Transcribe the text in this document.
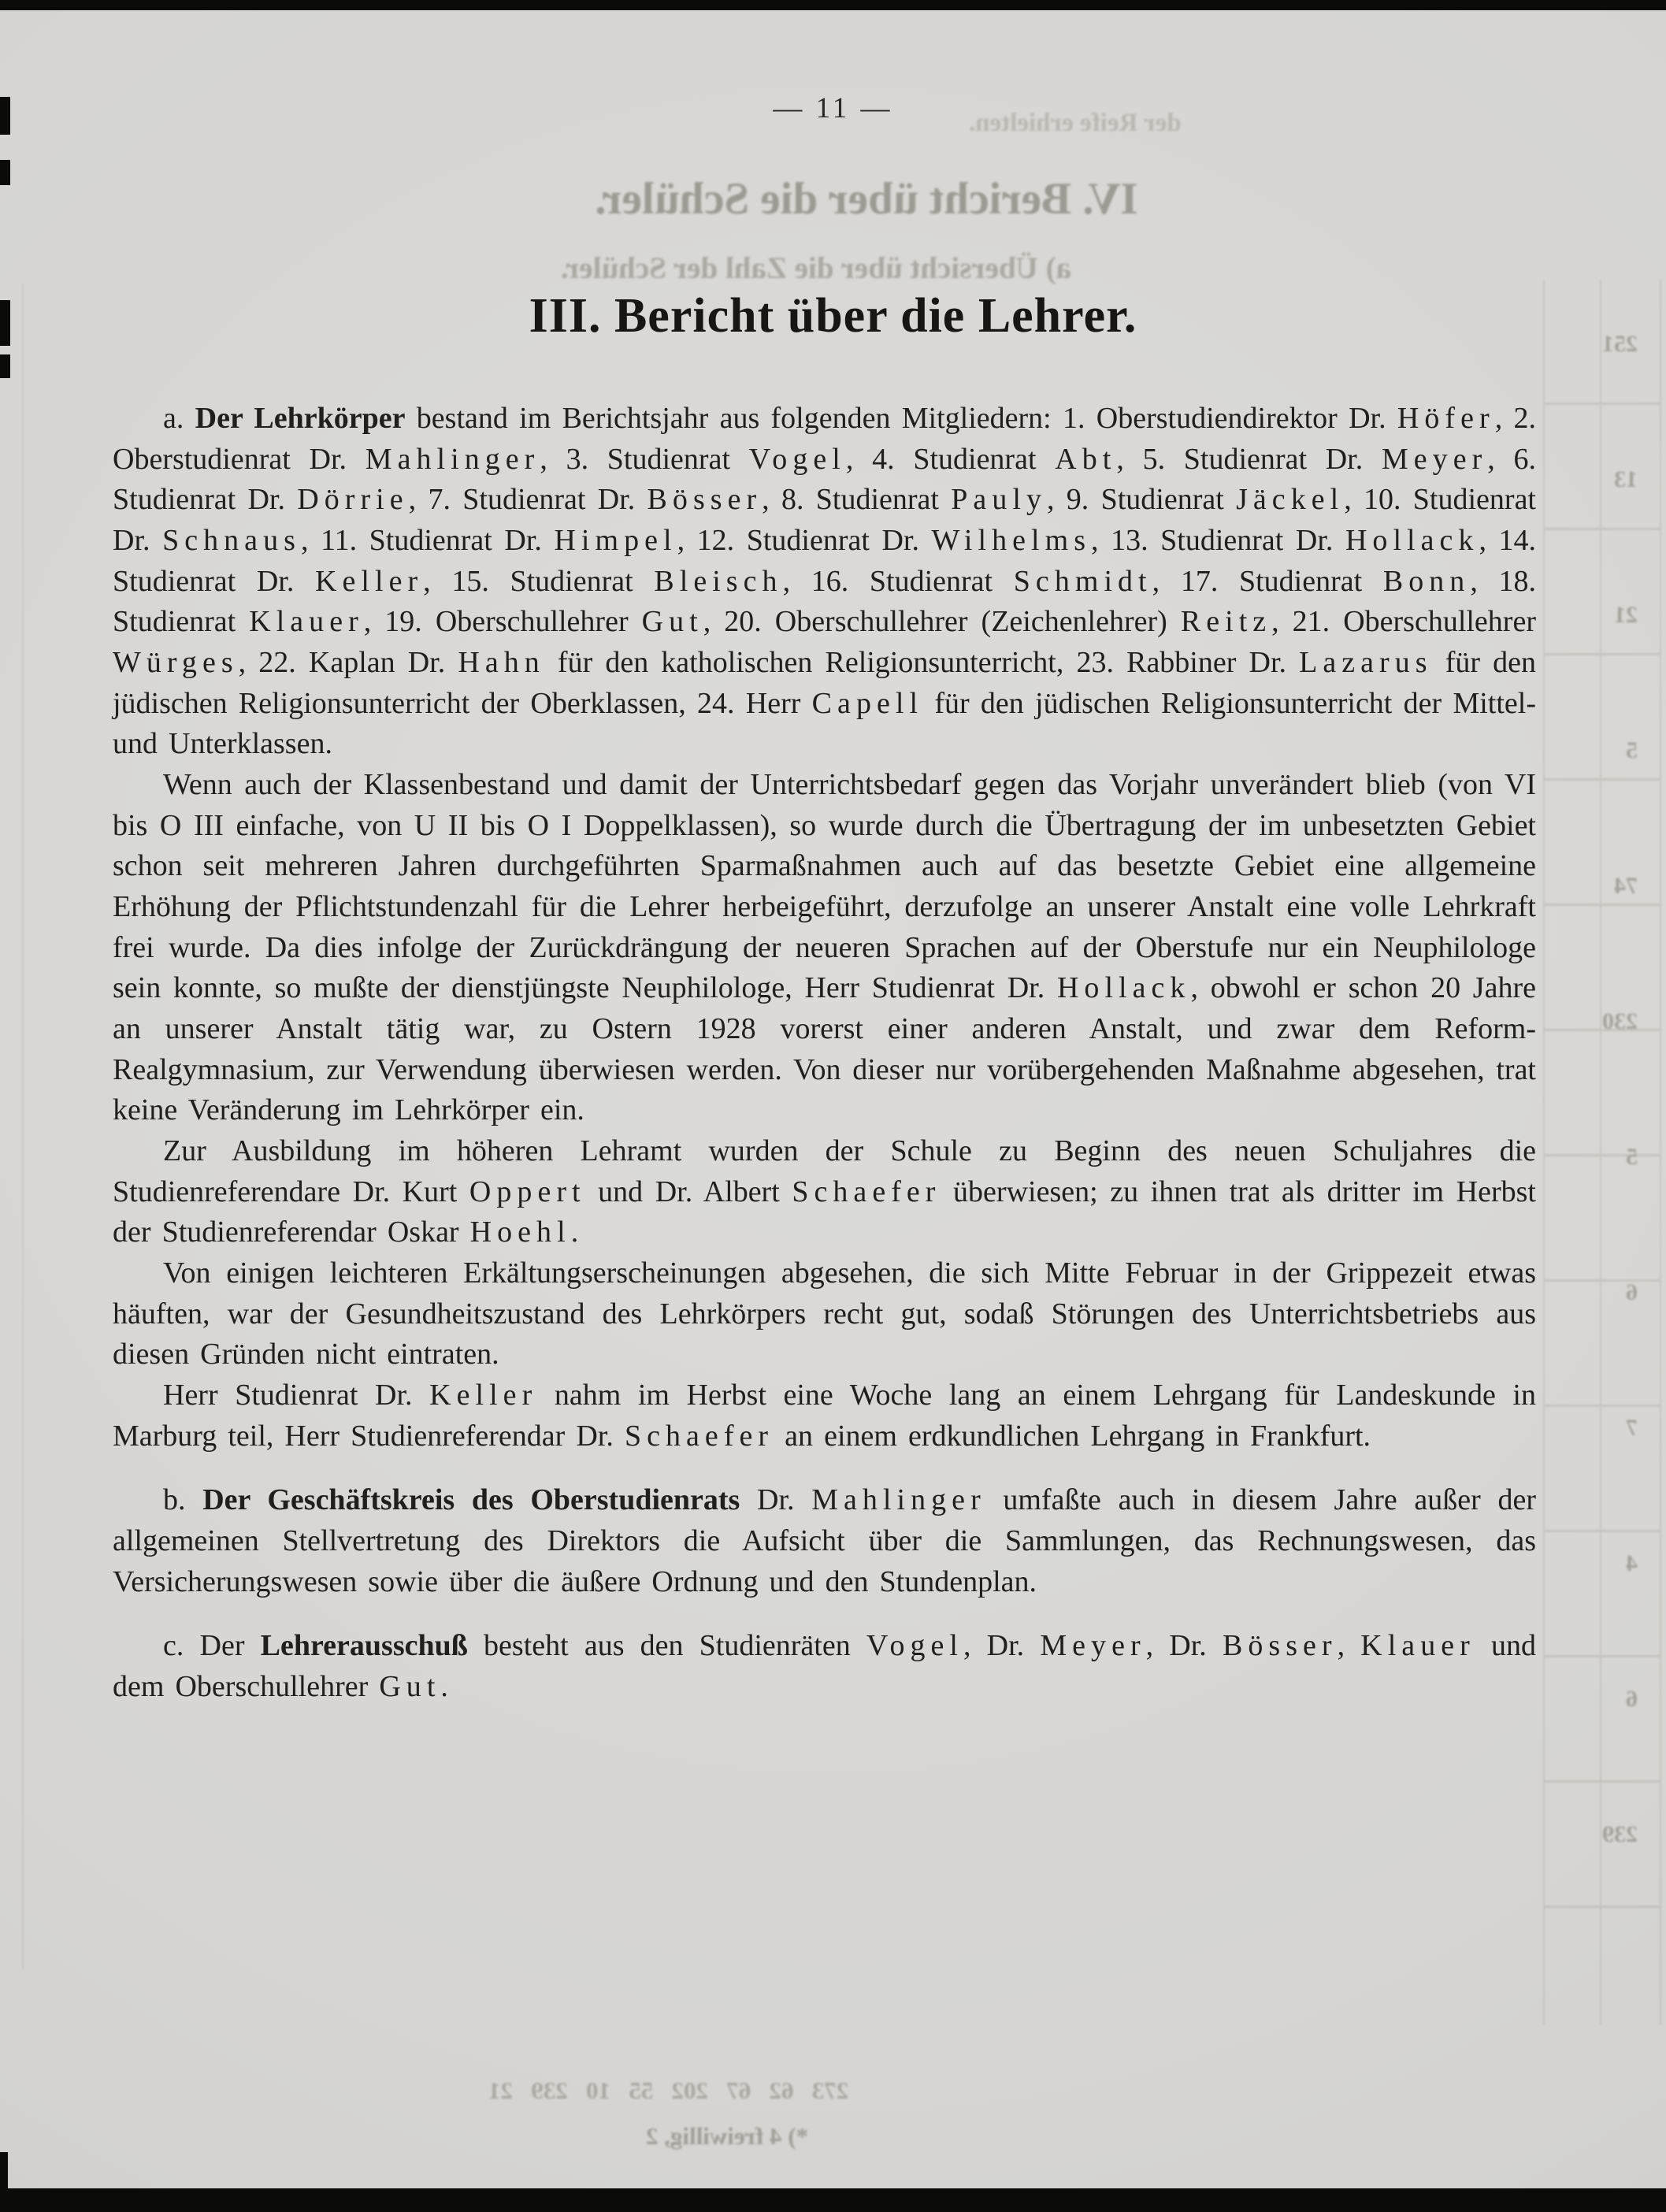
der Reife erhielten.
IV. Bericht über die Schüler.
a) Übersicht über die Zahl der Schüler.
251
13
21
5
74
230
5
6
7
4
6
239
273   62   67   202   55   10   239   21
*) 4 freiwillig, 2
— 11 —
III. Bericht über die Lehrer.

a. Der Lehrkörper bestand im Berichtsjahr aus folgenden Mitgliedern: 1. Oberstudiendirektor Dr. Höfer, 2. Oberstudienrat Dr. Mahlinger, 3. Studienrat Vogel, 4. Studienrat Abt, 5. Studienrat Dr. Meyer, 6. Studienrat Dr. Dörrie, 7. Studienrat Dr. Bösser, 8. Studienrat Pauly, 9. Studienrat Jäckel, 10. Studienrat Dr. Schnaus, 11. Studienrat Dr. Himpel, 12. Studienrat Dr. Wilhelms, 13. Studienrat Dr. Hollack, 14. Studienrat Dr. Keller, 15. Studienrat Bleisch, 16. Studienrat Schmidt, 17. Studienrat Bonn, 18. Studienrat Klauer, 19. Oberschullehrer Gut, 20. Oberschullehrer (Zeichenlehrer) Reitz, 21. Oberschullehrer Würges, 22. Kaplan Dr. Hahn für den katholischen Religionsunterricht, 23. Rabbiner Dr. Lazarus für den jüdischen Religionsunterricht der Oberklassen, 24. Herr Capell für den jüdischen Religionsunterricht der Mittel- und Unterklassen.

Wenn auch der Klassenbestand und damit der Unterrichtsbedarf gegen das Vorjahr unverändert blieb (von VI bis O III einfache, von U II bis O I Doppelklassen), so wurde durch die Übertragung der im unbesetzten Gebiet schon seit mehreren Jahren durchgeführten Sparmaßnahmen auch auf das besetzte Gebiet eine allgemeine Erhöhung der Pflichtstundenzahl für die Lehrer herbeigeführt, derzufolge an unserer Anstalt eine volle Lehrkraft frei wurde. Da dies infolge der Zurückdrängung der neueren Sprachen auf der Oberstufe nur ein Neuphilologe sein konnte, so mußte der dienstjüngste Neuphilologe, Herr Studienrat Dr. Hollack, obwohl er schon 20 Jahre an unserer Anstalt tätig war, zu Ostern 1928 vorerst einer anderen Anstalt, und zwar dem Reform-Realgymnasium, zur Verwendung überwiesen werden. Von dieser nur vorübergehenden Maßnahme abgesehen, trat keine Veränderung im Lehrkörper ein.

Zur Ausbildung im höheren Lehramt wurden der Schule zu Beginn des neuen Schuljahres die Studienreferendare Dr. Kurt Oppert und Dr. Albert Schaefer überwiesen; zu ihnen trat als dritter im Herbst der Studienreferendar Oskar Hoehl.

Von einigen leichteren Erkältungserscheinungen abgesehen, die sich Mitte Februar in der Grippezeit etwas häuften, war der Gesundheitszustand des Lehrkörpers recht gut, sodaß Störungen des Unterrichtsbetriebs aus diesen Gründen nicht eintraten.

Herr Studienrat Dr. Keller nahm im Herbst eine Woche lang an einem Lehrgang für Landeskunde in Marburg teil, Herr Studienreferendar Dr. Schaefer an einem erdkundlichen Lehrgang in Frankfurt.

b. Der Geschäftskreis des Oberstudienrats Dr. Mahlinger umfaßte auch in diesem Jahre außer der allgemeinen Stellvertretung des Direktors die Aufsicht über die Sammlungen, das Rechnungswesen, das Versicherungswesen sowie über die äußere Ordnung und den Stundenplan.

c. Der Lehrerausschuß besteht aus den Studienräten Vogel, Dr. Meyer, Dr. Bösser, Klauer und dem Oberschullehrer Gut.
